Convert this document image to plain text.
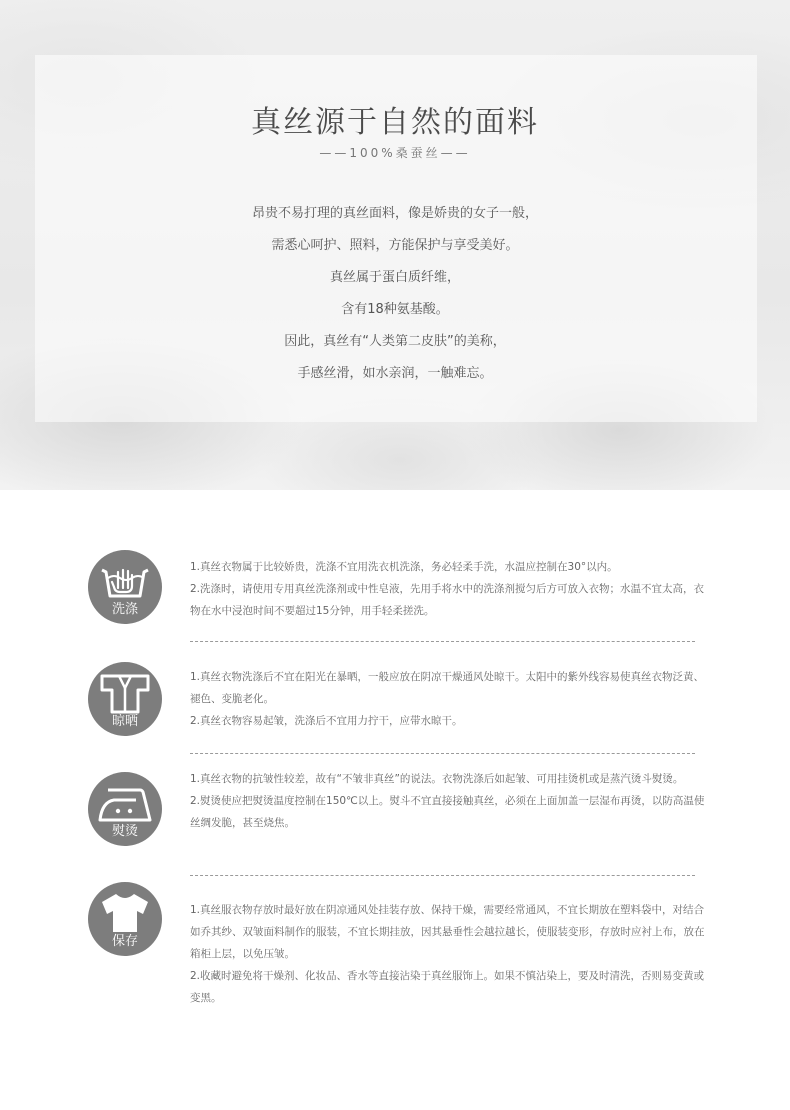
真丝源于自然的面料
——100%桑蚕丝——
昂贵不易打理的真丝面料，像是娇贵的女子一般，
需悉心呵护、照料，方能保护与享受美好。
真丝属于蛋白质纤维，
含有18种氨基酸。
因此，真丝有“人类第二皮肤”的美称，
手感丝滑，如水亲润，一触难忘。
洗涤

1.真丝衣物属于比较娇贵，洗涤不宜用洗衣机洗涤，务必轻柔手洗，水温应控制在30°以内。

2.洗涤时，请使用专用真丝洗涤剂或中性皂液，先用手将水中的洗涤剂搅匀后方可放入衣物；水温不宜太高，衣物在水中浸泡时间不要超过15分钟，用手轻柔搓洗。

晾晒

1.真丝衣物洗涤后不宜在阳光在暴晒，一般应放在阴凉干燥通风处晾干。太阳中的紫外线容易使真丝衣物泛黄、褪色、变脆老化。

2.真丝衣物容易起皱，洗涤后不宜用力拧干，应带水晾干。

熨烫

1.真丝衣物的抗皱性较差，故有“不皱非真丝”的说法。衣物洗涤后如起皱、可用挂烫机或是蒸汽烫斗熨烫。

2.熨烫使应把熨烫温度控制在150℃以上。熨斗不宜直接接触真丝，必须在上面加盖一层湿布再烫，以防高温使丝绸发脆，甚至烧焦。

保存

1.真丝服衣物存放时最好放在阴凉通风处挂装存放、保持干燥，需要经常通风，不宜长期放在塑料袋中，对结合如乔其纱、双皱面料制作的服装，不宜长期挂放，因其悬垂性会越拉越长，使服装变形，存放时应衬上布，放在箱柜上层，以免压皱。

2.收藏时避免将干燥剂、化妆品、香水等直接沾染于真丝服饰上。如果不慎沾染上，要及时清洗，否则易变黄或变黑。
